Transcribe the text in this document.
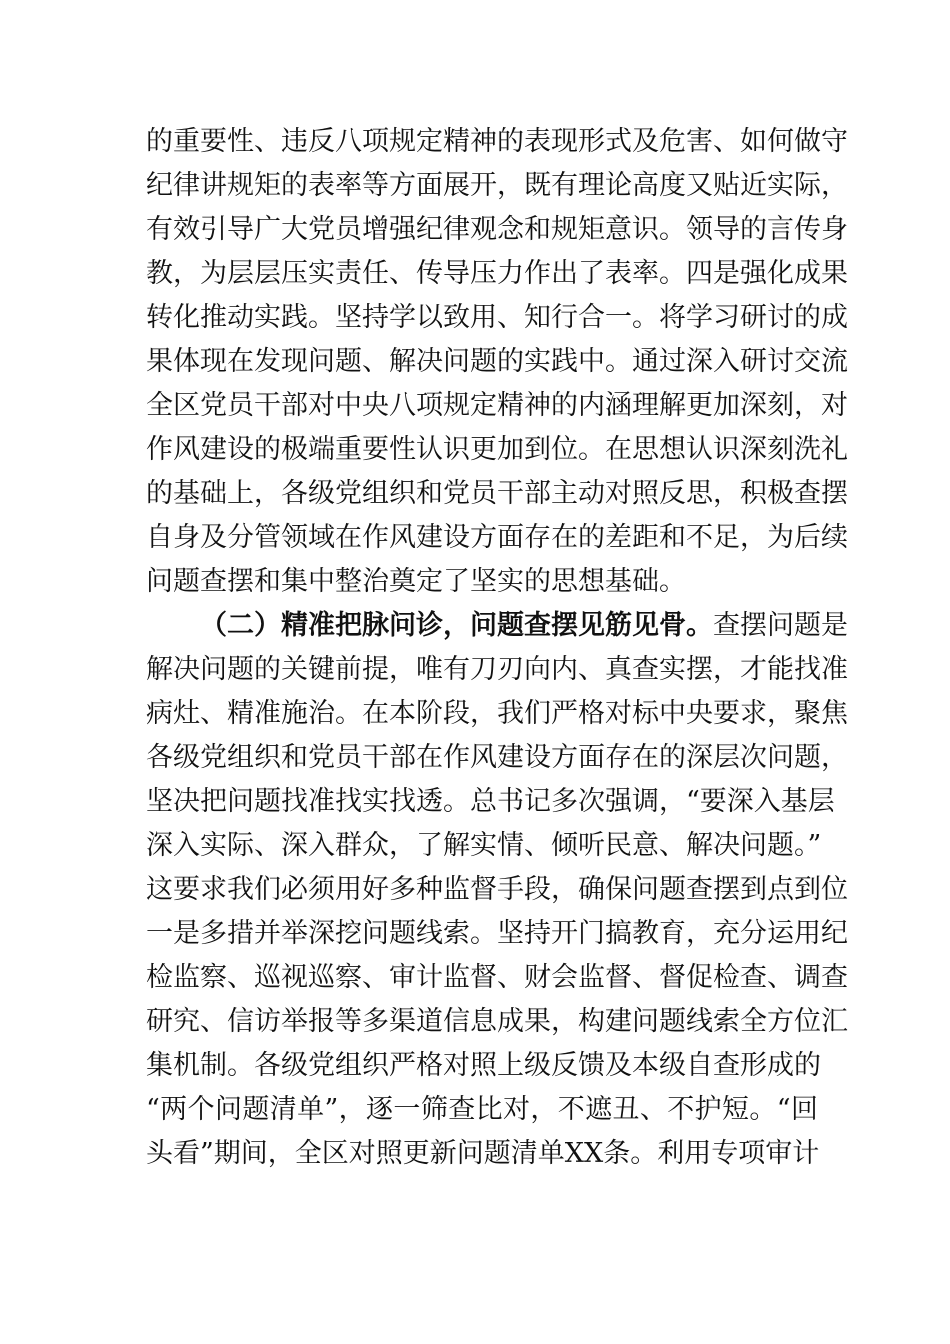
的重要性、违反八项规定精神的表现形式及危害、如何做守
纪律讲规矩的表率等方面展开，既有理论高度又贴近实际，
有效引导广大党员增强纪律观念和规矩意识。领导的言传身
教，为层层压实责任、传导压力作出了表率。四是强化成果
转化推动实践。坚持学以致用、知行合一。将学习研讨的成
果体现在发现问题、解决问题的实践中。通过深入研讨交流
全区党员干部对中央八项规定精神的内涵理解更加深刻，对
作风建设的极端重要性认识更加到位。在思想认识深刻洗礼
的基础上，各级党组织和党员干部主动对照反思，积极查摆
自身及分管领域在作风建设方面存在的差距和不足，为后续
问题查摆和集中整治奠定了坚实的思想基础。
（二）精准把脉问诊，问题查摆见筋见骨。查摆问题是
解决问题的关键前提，唯有刀刃向内、真查实摆，才能找准
病灶、精准施治。在本阶段，我们严格对标中央要求，聚焦
各级党组织和党员干部在作风建设方面存在的深层次问题，
坚决把问题找准找实找透。总书记多次强调，“要深入基层
深入实际、深入群众，了解实情、倾听民意、解决问题。”
这要求我们必须用好多种监督手段，确保问题查摆到点到位
一是多措并举深挖问题线索。坚持开门搞教育，充分运用纪
检监察、巡视巡察、审计监督、财会监督、督促检查、调查
研究、信访举报等多渠道信息成果，构建问题线索全方位汇
集机制。各级党组织严格对照上级反馈及本级自查形成的
“两个问题清单”，逐一筛查比对，不遮丑、不护短。“回
头看”期间，全区对照更新问题清单XX条。利用专项审计
